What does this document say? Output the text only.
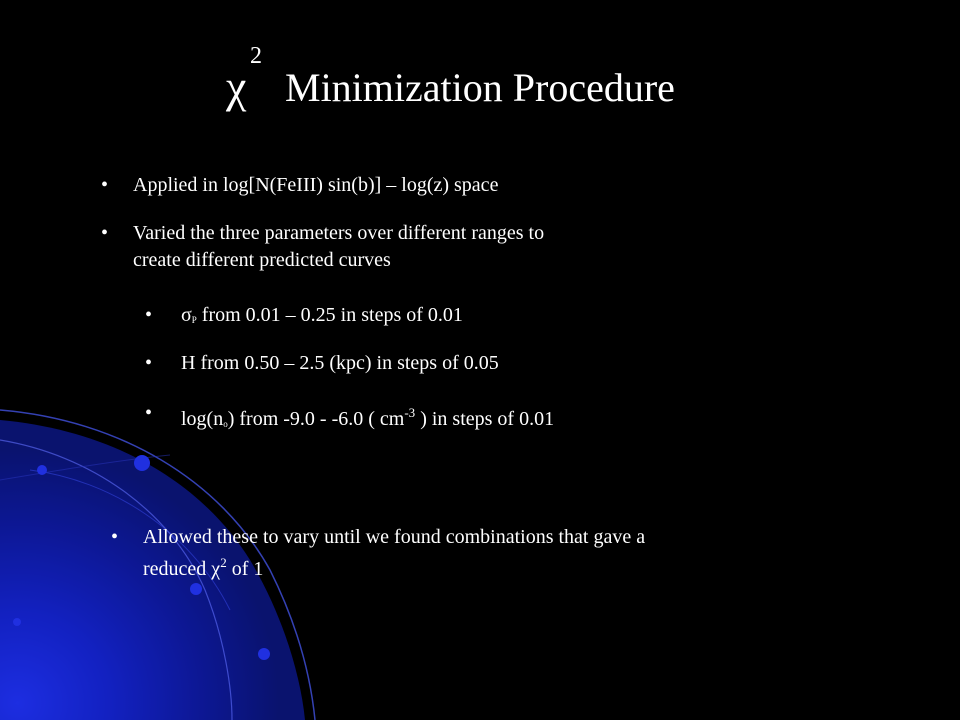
χ
2
Minimization Procedure
• Applied in log[N(FeIII) sin(b)] – log(z) space
• Varied the three parameters over different ranges to
create different predicted curves
• σP from 0.01 – 0.25 in steps of 0.01
• H from 0.50 – 2.5 (kpc) in steps of 0.05
• log(no) from -9.0 - -6.0 ( $cm^{-3}$ ) in steps of 0.01
• Allowed these to vary until we found combinations that gave a
reduced $\chi^2$ of 1
